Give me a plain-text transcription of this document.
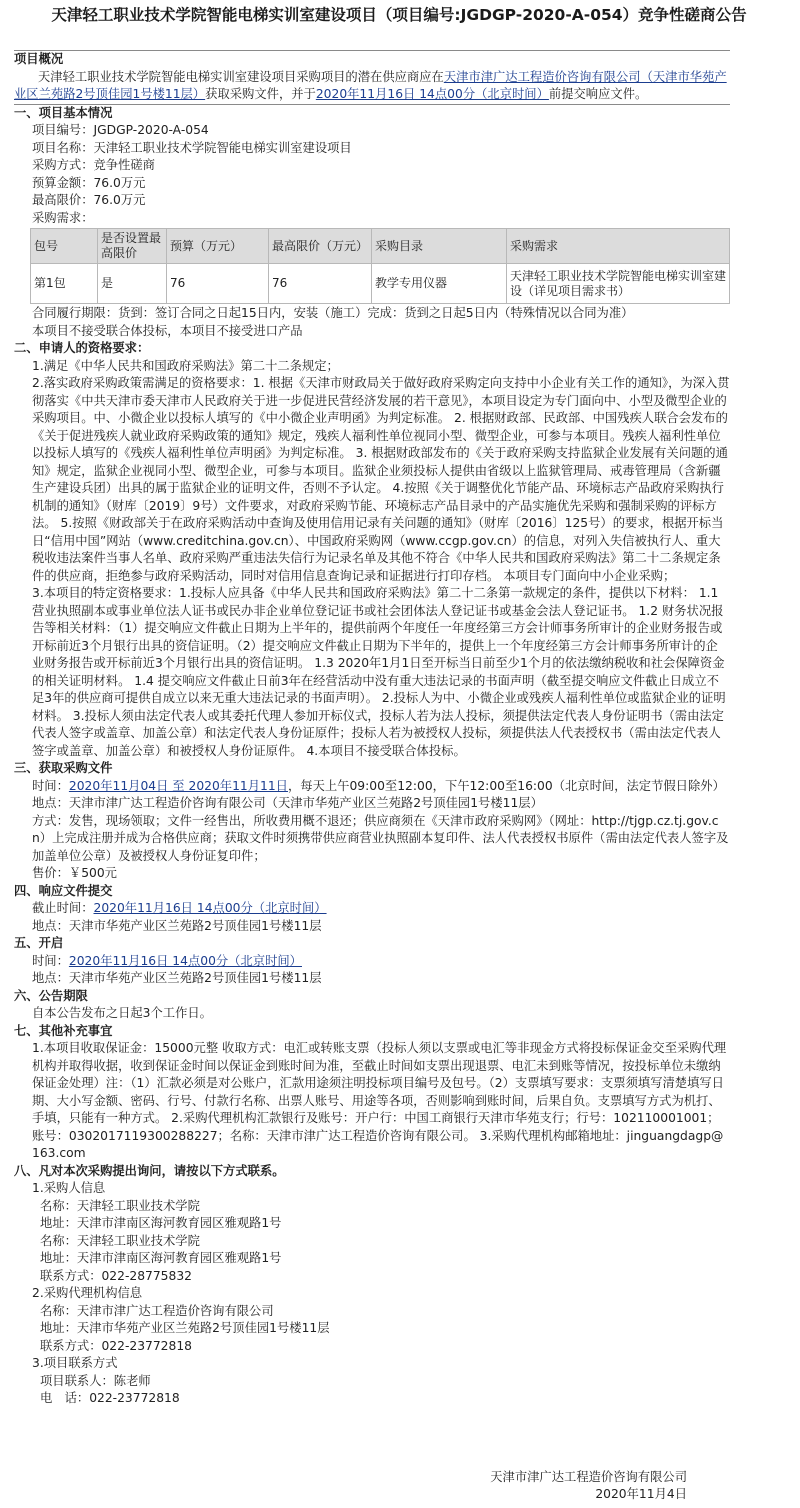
天津轻工职业技术学院智能电梯实训室建设项目（项目编号:JGDGP-2020-A-054）竞争性磋商公告
项目概况
天津轻工职业技术学院智能电梯实训室建设项目采购项目的潜在供应商应在天津市津广达工程造价咨询有限公司（天津市华苑产业区兰苑路2号顶佳园1号楼11层）获取采购文件，并于2020年11月16日 14点00分（北京时间）前提交响应文件。
一、项目基本情况
项目编号：JGDGP-2020-A-054
项目名称：天津轻工职业技术学院智能电梯实训室建设项目
采购方式：竞争性磋商
预算金额：76.0万元
最高限价：76.0万元
采购需求：
包号	是否设置最高限价	预算（万元）	最高限价（万元）	采购目录	采购需求
第1包	是	76	76	教学专用仪器	天津轻工职业技术学院智能电梯实训室建设（详见项目需求书）
合同履行期限：货到：签订合同之日起15日内，安装（施工）完成：货到之日起5日内（特殊情况以合同为准）
本项目不接受联合体投标，本项目不接受进口产品
二、申请人的资格要求：
1.满足《中华人民共和国政府采购法》第二十二条规定；
2.落实政府采购政策需满足的资格要求：1. 根据《天津市财政局关于做好政府采购定向支持中小企业有关工作的通知》，为深入贯彻落实《中共天津市委天津市人民政府关于进一步促进民营经济发展的若干意见》，本项目设定为专门面向中、小型及微型企业的采购项目。中、小微企业以投标人填写的《中小微企业声明函》为判定标准。 2. 根据财政部、民政部、中国残疾人联合会发布的《关于促进残疾人就业政府采购政策的通知》规定，残疾人福利性单位视同小型、微型企业，可参与本项目。残疾人福利性单位以投标人填写的《残疾人福利性单位声明函》为判定标准。 3. 根据财政部发布的《关于政府采购支持监狱企业发展有关问题的通知》规定，监狱企业视同小型、微型企业，可参与本项目。监狱企业须投标人提供由省级以上监狱管理局、戒毒管理局（含新疆生产建设兵团）出具的属于监狱企业的证明文件，否则不予认定。 4.按照《关于调整优化节能产品、环境标志产品政府采购执行机制的通知》（财库〔2019〕9号）文件要求，对政府采购节能、环境标志产品目录中的产品实施优先采购和强制采购的评标方法。 5.按照《财政部关于在政府采购活动中查询及使用信用记录有关问题的通知》（财库〔2016〕125号）的要求，根据开标当日“信用中国”网站（www.creditchina.gov.cn）、中国政府采购网（www.ccgp.gov.cn）的信息，对列入失信被执行人、重大税收违法案件当事人名单、政府采购严重违法失信行为记录名单及其他不符合《中华人民共和国政府采购法》第二十二条规定条件的供应商，拒绝参与政府采购活动，同时对信用信息查询记录和证据进行打印存档。 本项目专门面向中小企业采购；
3.本项目的特定资格要求：1.投标人应具备《中华人民共和国政府采购法》第二十二条第一款规定的条件，提供以下材料： 1.1营业执照副本或事业单位法人证书或民办非企业单位登记证书或社会团体法人登记证书或基金会法人登记证书。 1.2 财务状况报告等相关材料：（1）提交响应文件截止日期为上半年的，提供前两个年度任一年度经第三方会计师事务所审计的企业财务报告或开标前近3个月银行出具的资信证明。（2）提交响应文件截止日期为下半年的，提供上一个年度经第三方会计师事务所审计的企业财务报告或开标前近3个月银行出具的资信证明。 1.3 2020年1月1日至开标当日前至少1个月的依法缴纳税收和社会保障资金的相关证明材料。 1.4 提交响应文件截止日前3年在经营活动中没有重大违法记录的书面声明（截至提交响应文件截止日成立不足3年的供应商可提供自成立以来无重大违法记录的书面声明）。 2.投标人为中、小微企业或残疾人福利性单位或监狱企业的证明材料。 3.投标人须由法定代表人或其委托代理人参加开标仪式，投标人若为法人投标，须提供法定代表人身份证明书（需由法定代表人签字或盖章、加盖公章）和法定代表人身份证原件；投标人若为被授权人投标，须提供法人代表授权书（需由法定代表人签字或盖章、加盖公章）和被授权人身份证原件。 4.本项目不接受联合体投标。
三、获取采购文件
时间：2020年11月04日 至 2020年11月11日，每天上午09:00至12:00，下午12:00至16:00（北京时间，法定节假日除外）
地点：天津市津广达工程造价咨询有限公司（天津市华苑产业区兰苑路2号顶佳园1号楼11层）
方式：发售，现场领取；文件一经售出，所收费用概不退还；供应商须在《天津市政府采购网》（网址：http://tjgp.cz.tj.gov.cn）上完成注册并成为合格供应商；获取文件时须携带供应商营业执照副本复印件、法人代表授权书原件（需由法定代表人签字及加盖单位公章）及被授权人身份证复印件；
售价：￥500元
四、响应文件提交
截止时间：2020年11月16日 14点00分（北京时间）
地点：天津市华苑产业区兰苑路2号顶佳园1号楼11层
五、开启
时间：2020年11月16日 14点00分（北京时间）
地点：天津市华苑产业区兰苑路2号顶佳园1号楼11层
六、公告期限
自本公告发布之日起3个工作日。
七、其他补充事宜
1.本项目收取保证金：15000元整 收取方式：电汇或转账支票（投标人须以支票或电汇等非现金方式将投标保证金交至采购代理机构并取得收据，收到保证金时间以保证金到账时间为准，至截止时间如支票出现退票、电汇未到账等情况，按投标单位未缴纳保证金处理）注：（1）汇款必须是对公账户，汇款用途须注明投标项目编号及包号。（2）支票填写要求：支票须填写清楚填写日期、大小写金额、密码、行号、付款行名称、出票人账号、用途等各项，否则影响到账时间，后果自负。支票填写方式为机打、手填，只能有一种方式。 2.采购代理机构汇款银行及账号：开户行：中国工商银行天津市华苑支行；行号：102110001001；账号：0302017119300288227；名称：天津市津广达工程造价咨询有限公司。 3.采购代理机构邮箱地址：jinguangdagp@163.com
八、凡对本次采购提出询问，请按以下方式联系。
1.采购人信息
名称：天津轻工职业技术学院
地址：天津市津南区海河教育园区雅观路1号
名称：天津轻工职业技术学院
地址：天津市津南区海河教育园区雅观路1号
联系方式：022-28775832
2.采购代理机构信息
名称：天津市津广达工程造价咨询有限公司
地址：天津市华苑产业区兰苑路2号顶佳园1号楼11层
联系方式：022-23772818
3.项目联系方式
项目联系人：陈老师
电　话：022-23772818
天津市津广达工程造价咨询有限公司
2020年11月4日
